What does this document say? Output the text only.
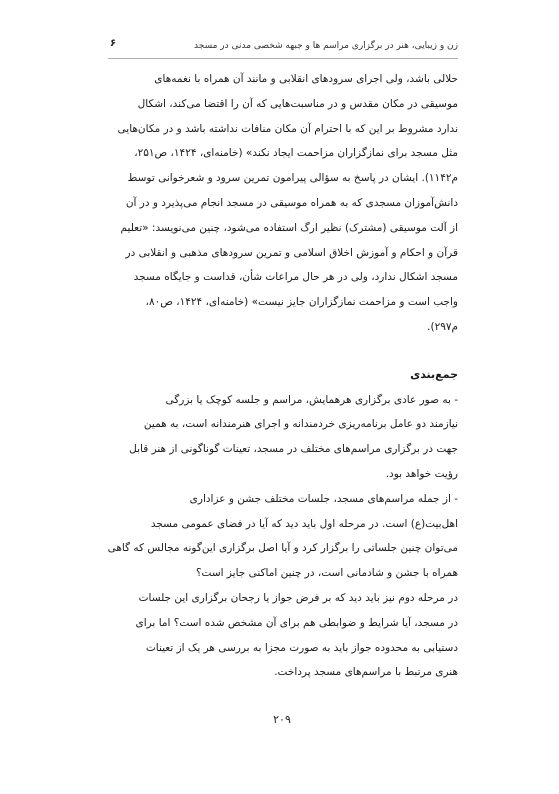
زن و زیبایی، هنر در برگزاری مراسم ها و جبهه شخصی مدنی در مسجد
۶
حلالی باشد، ولی اجرای سرودهای انقلابی و مانند آن همراه با نغمه‌های
موسیقی در مکان مقدس و در مناسبت‌هایی که آن را اقتضا می‌کند، اشکال
ندارد مشروط بر این که با احترام آن مکان منافات نداشته باشد و در مکان‌هایی
مثل مسجد برای نمازگزاران مزاحمت ایجاد نکند» (خامنه‌ای، ۱۴۲۴، ص۲۵۱،
م۱۱۴۲). ایشان در پاسخ به سؤالی پیرامون تمرین سرود و شعرخوانی توسط
دانش‌آموزان مسجدی که به همراه موسیقی در مسجد انجام می‌پذیرد و در آن
از آلت موسیقی (مشترک) نظیر ارگ استفاده می‌شود، چنین می‌نویسد: «تعلیم
قرآن و احکام و آموزش اخلاق اسلامی و تمرین سرودهای مذهبی و انقلابی در
مسجد اشکال ندارد، ولی در هر حال مراعات شأن، قداست و جایگاه مسجد
واجب است و مزاحمت نمازگزاران جایز نیست» (خامنه‌ای، ۱۴۲۴، ص۸۰،
م۲۹۷).
جمع‌بندی
- به صور عادی برگزاری هرهمایش، مراسم و جلسه کوچک یا بزرگی
نیازمند دو عامل برنامه‌ریزی خردمندانه و اجرای هنرمندانه است، به همین
جهت در برگزاری مراسم‌های مختلف در مسجد، تعینات گوناگونی از هنر قابل
رؤیت خواهد بود.
- از جمله مراسم‌های مسجد، جلسات مختلف جشن و عزاداری
اهل‌بیت(ع) است. در مرحله اول باید دید که آیا در فضای عمومی مسجد
می‌توان چنین جلساتی را برگزار کرد و آیا اصل برگزاری این‌گونه مجالس که گاهی
همراه با جشن و شادمانی است، در چنین اماکنی جایز است؟
در مرحله دوم نیز باید دید که بر فرض جواز یا رجحان برگزاری این جلسات
در مسجد، آیا شرایط و ضوابطی هم برای آن مشخص شده است؟ اما برای
دستیابی به محدوده جواز باید به صورت مجزا به بررسی هر یک از تعینات
هنری مرتبط با مراسم‌های مسجد پرداخت.
۲۰۹
